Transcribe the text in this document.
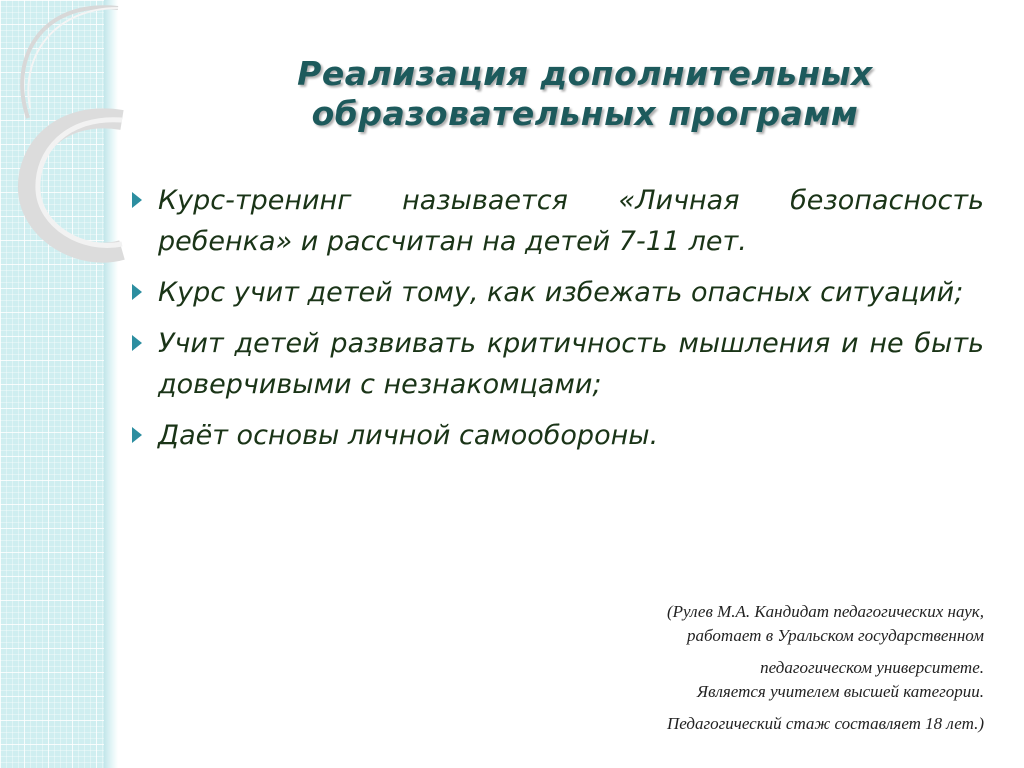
Реализация дополнительных
образовательных программ
Курс-тренинг называется «Личная безопасность ребенка» и рассчитан на детей 7-11 лет.
Курс учит детей тому, как избежать опасных ситуаций;
Учит детей развивать критичность мышления и не быть доверчивыми с незнакомцами;
Даёт основы личной самообороны.
(Рулев М.А. Кандидат педагогических наук,
работает в Уральском государственном
педагогическом университете.
Является учителем высшей категории.
Педагогический стаж составляет 18 лет.)
